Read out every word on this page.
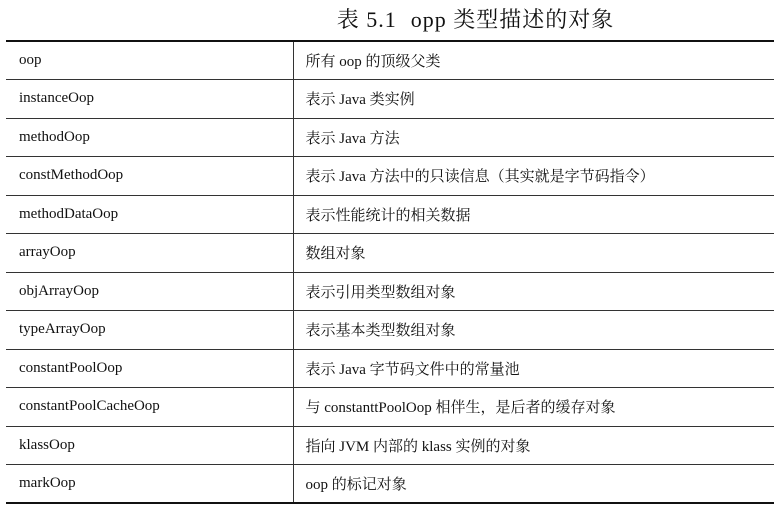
表 5.1 opp 类型描述的对象
oop	所有 oop 的顶级父类
instanceOop	表示 Java 类实例
methodOop	表示 Java 方法
constMethodOop	表示 Java 方法中的只读信息（其实就是字节码指令）
methodDataOop	表示性能统计的相关数据
arrayOop	数组对象
objArrayOop	表示引用类型数组对象
typeArrayOop	表示基本类型数组对象
constantPoolOop	表示 Java 字节码文件中的常量池
constantPoolCacheOop	与 constanttPoolOop 相伴生，是后者的缓存对象
klassOop	指向 JVM 内部的 klass 实例的对象
markOop	oop 的标记对象
